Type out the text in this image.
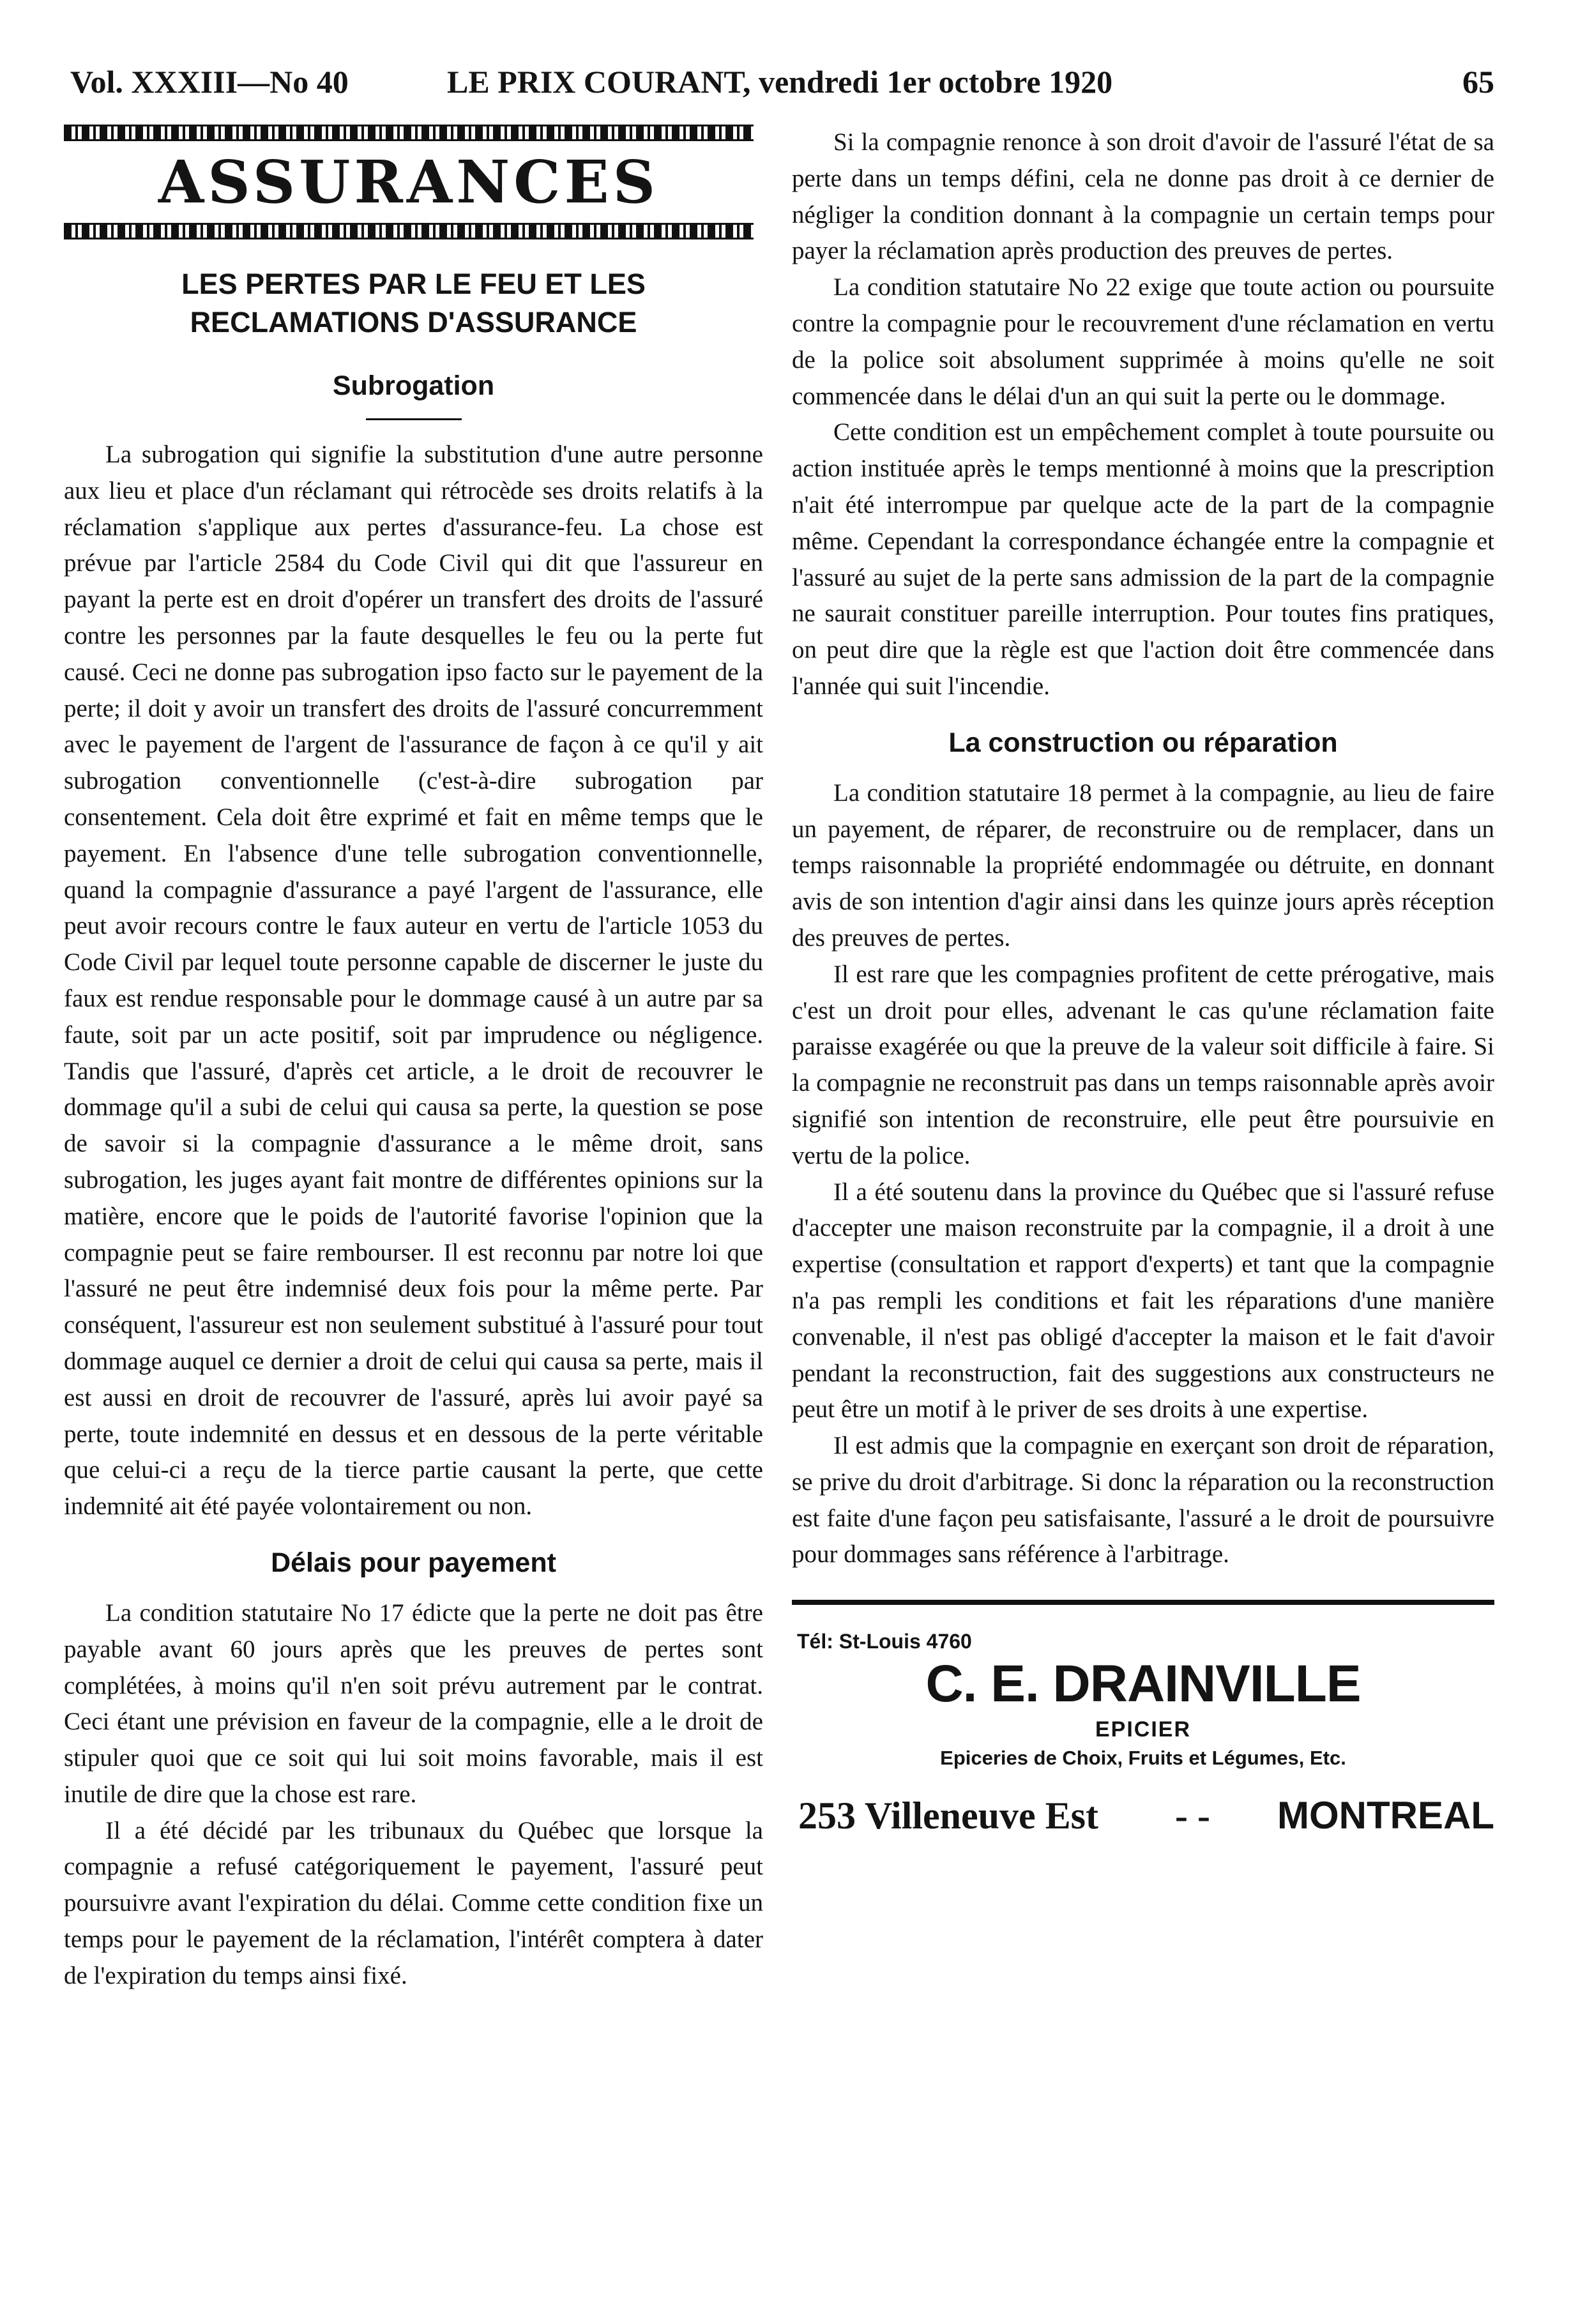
Vol. XXXIII—No 40	LE PRIX COURANT, vendredi 1er octobre 1920	65
ASSURANCES
LES PERTES PAR LE FEU ET LES RECLAMATIONS D'ASSURANCE
Subrogation

La subrogation qui signifie la substitution d'une autre personne aux lieu et place d'un réclamant qui rétrocède ses droits relatifs à la réclamation s'applique aux pertes d'assurance-feu. La chose est prévue par l'article 2584 du Code Civil qui dit que l'assureur en payant la perte est en droit d'opérer un transfert des droits de l'assuré contre les personnes par la faute desquelles le feu ou la perte fut causé. Ceci ne donne pas subrogation ipso facto sur le payement de la perte; il doit y avoir un transfert des droits de l'assuré concurremment avec le payement de l'argent de l'assurance de façon à ce qu'il y ait subrogation conventionnelle (c'est-à-dire subrogation par consentement. Cela doit être exprimé et fait en même temps que le payement. En l'absence d'une telle subrogation conventionnelle, quand la compagnie d'assurance a payé l'argent de l'assurance, elle peut avoir recours contre le faux auteur en vertu de l'article 1053 du Code Civil par lequel toute personne capable de discerner le juste du faux est rendue responsable pour le dommage causé à un autre par sa faute, soit par un acte positif, soit par imprudence ou négligence. Tandis que l'assuré, d'après cet article, a le droit de recouvrer le dommage qu'il a subi de celui qui causa sa perte, la question se pose de savoir si la compagnie d'assurance a le même droit, sans subrogation, les juges ayant fait montre de différentes opinions sur la matière, encore que le poids de l'autorité favorise l'opinion que la compagnie peut se faire rembourser. Il est reconnu par notre loi que l'assuré ne peut être indemnisé deux fois pour la même perte. Par conséquent, l'assureur est non seulement substitué à l'assuré pour tout dommage auquel ce dernier a droit de celui qui causa sa perte, mais il est aussi en droit de recouvrer de l'assuré, après lui avoir payé sa perte, toute indemnité en dessus et en dessous de la perte véritable que celui-ci a reçu de la tierce partie causant la perte, que cette indemnité ait été payée volontairement ou non.

Délais pour payement

La condition statutaire No 17 édicte que la perte ne doit pas être payable avant 60 jours après que les preuves de pertes sont complétées, à moins qu'il n'en soit prévu autrement par le contrat. Ceci étant une prévision en faveur de la compagnie, elle a le droit de stipuler quoi que ce soit qui lui soit moins favorable, mais il est inutile de dire que la chose est rare.

Il a été décidé par les tribunaux du Québec que lorsque la compagnie a refusé catégoriquement le payement, l'assuré peut poursuivre avant l'expiration du délai. Comme cette condition fixe un temps pour le payement de la réclamation, l'intérêt comptera à dater de l'expiration du temps ainsi fixé.

Si la compagnie renonce à son droit d'avoir de l'assuré l'état de sa perte dans un temps défini, cela ne donne pas droit à ce dernier de négliger la condition donnant à la compagnie un certain temps pour payer la réclamation après production des preuves de pertes.

La condition statutaire No 22 exige que toute action ou poursuite contre la compagnie pour le recouvrement d'une réclamation en vertu de la police soit absolument supprimée à moins qu'elle ne soit commencée dans le délai d'un an qui suit la perte ou le dommage.

Cette condition est un empêchement complet à toute poursuite ou action instituée après le temps mentionné à moins que la prescription n'ait été interrompue par quelque acte de la part de la compagnie même. Cependant la correspondance échangée entre la compagnie et l'assuré au sujet de la perte sans admission de la part de la compagnie ne saurait constituer pareille interruption. Pour toutes fins pratiques, on peut dire que la règle est que l'action doit être commencée dans l'année qui suit l'incendie.

La construction ou réparation

La condition statutaire 18 permet à la compagnie, au lieu de faire un payement, de réparer, de reconstruire ou de remplacer, dans un temps raisonnable la propriété endommagée ou détruite, en donnant avis de son intention d'agir ainsi dans les quinze jours après réception des preuves de pertes.

Il est rare que les compagnies profitent de cette prérogative, mais c'est un droit pour elles, advenant le cas qu'une réclamation faite paraisse exagérée ou que la preuve de la valeur soit difficile à faire. Si la compagnie ne reconstruit pas dans un temps raisonnable après avoir signifié son intention de reconstruire, elle peut être poursuivie en vertu de la police.

Il a été soutenu dans la province du Québec que si l'assuré refuse d'accepter une maison reconstruite par la compagnie, il a droit à une expertise (consultation et rapport d'experts) et tant que la compagnie n'a pas rempli les conditions et fait les réparations d'une manière convenable, il n'est pas obligé d'accepter la maison et le fait d'avoir pendant la reconstruction, fait des suggestions aux constructeurs ne peut être un motif à le priver de ses droits à une expertise.

Il est admis que la compagnie en exerçant son droit de réparation, se prive du droit d'arbitrage. Si donc la réparation ou la reconstruction est faite d'une façon peu satisfaisante, l'assuré a le droit de poursuivre pour dommages sans référence à l'arbitrage.

Tél: St-Louis 4760
C. E. DRAINVILLE
EPICIER
Epiceries de Choix, Fruits et Légumes, Etc.
253 Villeneuve Est - - MONTREAL
